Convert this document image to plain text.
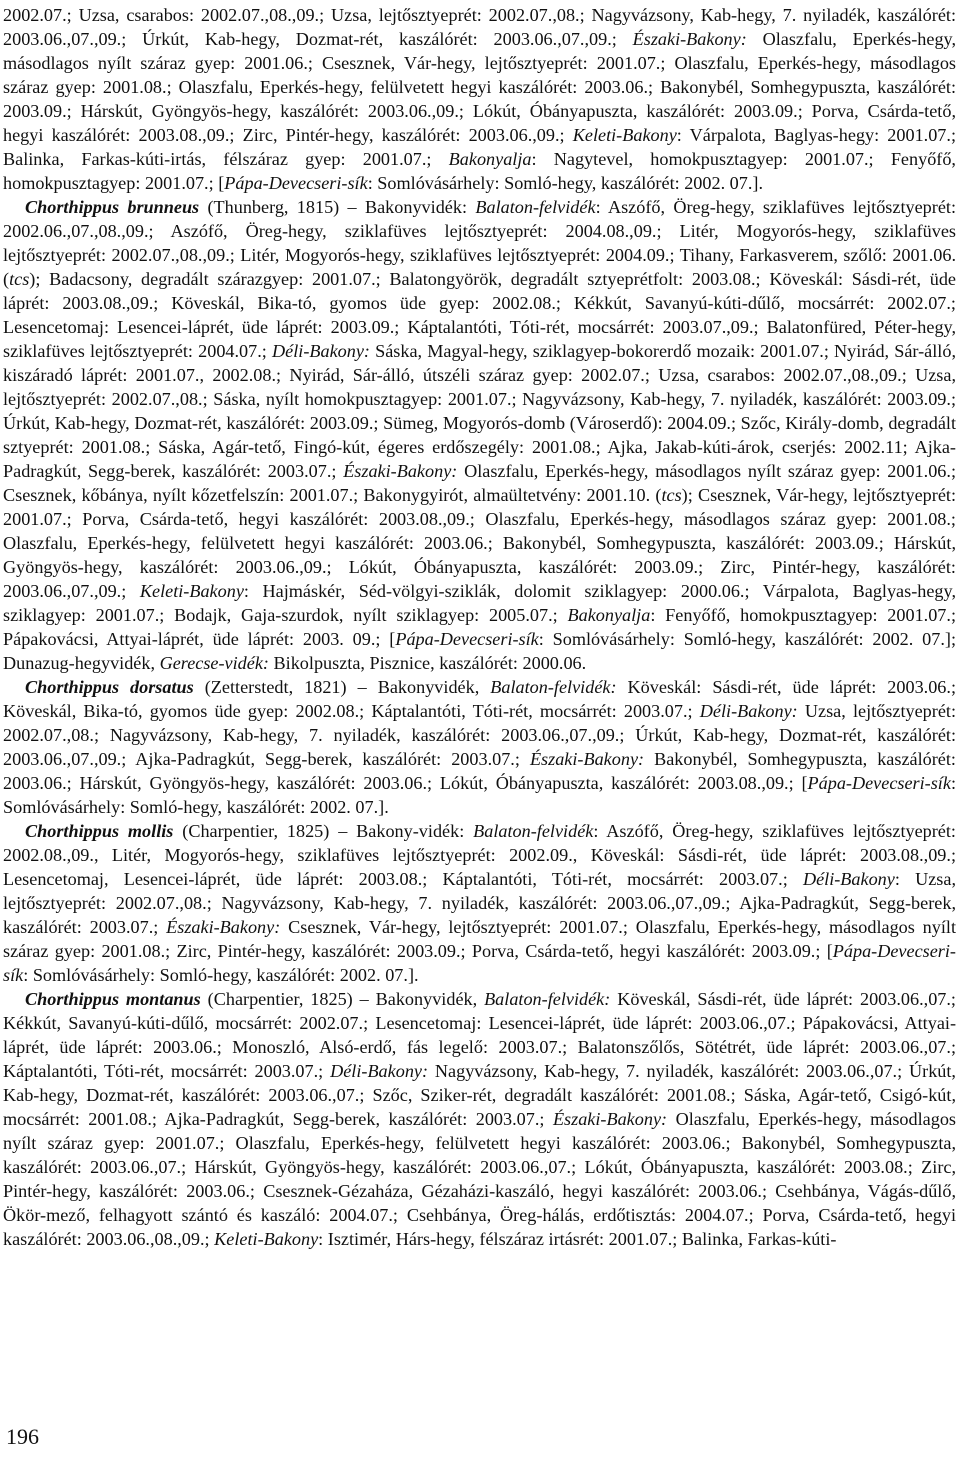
2002.07.; Uzsa, csarabos: 2002.07.,08.,09.; Uzsa, lejtősztyeprét: 2002.07.,08.; Nagyvázsony, Kab-hegy, 7. nyiladék, kaszálórét: 2003.06.,07.,09.; Úrkút, Kab-hegy, Dozmat-rét, kaszálórét: 2003.06.,07.,09.; Északi-Bakony: Olaszfalu, Eperkés-hegy, másodlagos nyílt száraz gyep: 2001.06.; Csesznek, Vár-hegy, lejtősztyeprét: 2001.07.; Olaszfalu, Eperkés-hegy, másodlagos száraz gyep: 2001.08.; Olaszfalu, Eperkés-hegy, felülvetett hegyi kaszálórét: 2003.06.; Bakonybél, Somhegypuszta, kaszálórét: 2003.09.; Hárskút, Gyöngyös-hegy, kaszálórét: 2003.06.,09.; Lókút, Óbányapuszta, kaszálórét: 2003.09.; Porva, Csárda-tető, hegyi kaszálórét: 2003.08.,09.; Zirc, Pintér-hegy, kaszálórét: 2003.06.,09.; Keleti-Bakony: Várpalota, Baglyas-hegy: 2001.07.; Balinka, Farkas-kúti-irtás, félszáraz gyep: 2001.07.; Bakonyalja: Nagytevel, homokpusztagyep: 2001.07.; Fenyőfő, homokpusztagyep: 2001.07.; [Pápa-Devecseri-sík: Somlóvásárhely: Somló-hegy, kaszálórét: 2002. 07.].

Chorthippus brunneus (Thunberg, 1815) – Bakonyvidék: Balaton-felvidék: Aszófő, Öreg-hegy, sziklafüves lejtősztyeprét: 2002.06.,07.,08.,09.; Aszófő, Öreg-hegy, sziklafüves lejtősztyeprét: 2004.08.,09.; Litér, Mogyorós-hegy, sziklafüves lejtősztyeprét: 2002.07.,08.,09.; Litér, Mogyorós-hegy, sziklafüves lejtősztyeprét: 2004.09.; Tihany, Farkasverem, szőlő: 2001.06. (tcs); Badacsony, degradált szárazgyep: 2001.07.; Balatongyörök, degradált sztyeprétfolt: 2003.08.; Köveskál: Sásdi-rét, üde láprét: 2003.08.,09.; Köveskál, Bika-tó, gyomos üde gyep: 2002.08.; Kékkút, Savanyú-kúti-dűlő, mocsárrét: 2002.07.; Lesencetomaj: Lesencei-láprét, üde láprét: 2003.09.; Káptalantóti, Tóti-rét, mocsárrét: 2003.07.,09.; Balatonfüred, Péter-hegy, sziklafüves lejtősztyeprét: 2004.07.; Déli-Bakony: Sáska, Magyal-hegy, sziklagyep-bokorerdő mozaik: 2001.07.; Nyirád, Sár-álló, kiszáradó láprét: 2001.07., 2002.08.; Nyirád, Sár-álló, útszéli száraz gyep: 2002.07.; Uzsa, csarabos: 2002.07.,08.,09.; Uzsa, lejtősztyeprét: 2002.07.,08.; Sáska, nyílt homokpusztagyep: 2001.07.; Nagyvázsony, Kab-hegy, 7. nyiladék, kaszálórét: 2003.09.; Úrkút, Kab-hegy, Dozmat-rét, kaszálórét: 2003.09.; Sümeg, Mogyorós-domb (Városerdő): 2004.09.; Szőc, Király-domb, degradált sztyeprét: 2001.08.; Sáska, Agár-tető, Fingó-kút, égeres erdőszegély: 2001.08.; Ajka, Jakab-kúti-árok, cserjés: 2002.11; Ajka-Padragkút, Segg-berek, kaszálórét: 2003.07.; Északi-Bakony: Olaszfalu, Eperkés-hegy, másodlagos nyílt száraz gyep: 2001.06.; Csesznek, kőbánya, nyílt kőzetfelszín: 2001.07.; Bakonygyirót, almaültetvény: 2001.10. (tcs); Csesznek, Vár-hegy, lejtősztyeprét: 2001.07.; Porva, Csárda-tető, hegyi kaszálórét: 2003.08.,09.; Olaszfalu, Eperkés-hegy, másodlagos száraz gyep: 2001.08.; Olaszfalu, Eperkés-hegy, felülvetett hegyi kaszálórét: 2003.06.; Bakonybél, Somhegypuszta, kaszálórét: 2003.09.; Hárskút, Gyöngyös-hegy, kaszálórét: 2003.06.,09.; Lókút, Óbányapuszta, kaszálórét: 2003.09.; Zirc, Pintér-hegy, kaszálórét: 2003.06.,07.,09.; Keleti-Bakony: Hajmáskér, Séd-völgyi-sziklák, dolomit sziklagyep: 2000.06.; Várpalota, Baglyas-hegy, sziklagyep: 2001.07.; Bodajk, Gaja-szurdok, nyílt sziklagyep: 2005.07.; Bakonyalja: Fenyőfő, homokpusztagyep: 2001.07.; Pápakovácsi, Attyai-láprét, üde láprét: 2003. 09.; [Pápa-Devecseri-sík: Somlóvásárhely: Somló-hegy, kaszálórét: 2002. 07.]; Dunazug-hegyvidék, Gerecse-vidék: Bikolpuszta, Pisznice, kaszálórét: 2000.06.

Chorthippus dorsatus (Zetterstedt, 1821) – Bakonyvidék, Balaton-felvidék: Köveskál: Sásdi-rét, üde láprét: 2003.06.; Köveskál, Bika-tó, gyomos üde gyep: 2002.08.; Káptalantóti, Tóti-rét, mocsárrét: 2003.07.; Déli-Bakony: Uzsa, lejtősztyeprét: 2002.07.,08.; Nagyvázsony, Kab-hegy, 7. nyiladék, kaszálórét: 2003.06.,07.,09.; Úrkút, Kab-hegy, Dozmat-rét, kaszálórét: 2003.06.,07.,09.; Ajka-Padragkút, Segg-berek, kaszálórét: 2003.07.; Északi-Bakony: Bakonybél, Somhegypuszta, kaszálórét: 2003.06.; Hárskút, Gyöngyös-hegy, kaszálórét: 2003.06.; Lókút, Óbányapuszta, kaszálórét: 2003.08.,09.; [Pápa-Devecseri-sík: Somlóvásárhely: Somló-hegy, kaszálórét: 2002. 07.].

Chorthippus mollis (Charpentier, 1825) – Bakony-vidék: Balaton-felvidék: Aszófő, Öreg-hegy, sziklafüves lejtősztyeprét: 2002.08.,09., Litér, Mogyorós-hegy, sziklafüves lejtősztyeprét: 2002.09., Köveskál: Sásdi-rét, üde láprét: 2003.08.,09.; Lesencetomaj, Lesencei-láprét, üde láprét: 2003.08.; Káptalantóti, Tóti-rét, mocsárrét: 2003.07.; Déli-Bakony: Uzsa, lejtősztyeprét: 2002.07.,08.; Nagyvázsony, Kab-hegy, 7. nyiladék, kaszálórét: 2003.06.,07.,09.; Ajka-Padragkút, Segg-berek, kaszálórét: 2003.07.; Északi-Bakony: Csesznek, Vár-hegy, lejtősztyeprét: 2001.07.; Olaszfalu, Eperkés-hegy, másodlagos nyílt száraz gyep: 2001.08.; Zirc, Pintér-hegy, kaszálórét: 2003.09.; Porva, Csárda-tető, hegyi kaszálórét: 2003.09.; [Pápa-Devecseri-sík: Somlóvásárhely: Somló-hegy, kaszálórét: 2002. 07.].

Chorthippus montanus (Charpentier, 1825) – Bakonyvidék, Balaton-felvidék: Köveskál, Sásdi-rét, üde láprét: 2003.06.,07.; Kékkút, Savanyú-kúti-dűlő, mocsárrét: 2002.07.; Lesencetomaj: Lesencei-láprét, üde láprét: 2003.06.,07.; Pápakovácsi, Attyai-láprét, üde láprét: 2003.06.; Monoszló, Alsó-erdő, fás legelő: 2003.07.; Balatonszőlős, Sötétrét, üde láprét: 2003.06.,07.; Káptalantóti, Tóti-rét, mocsárrét: 2003.07.; Déli-Bakony: Nagyvázsony, Kab-hegy, 7. nyiladék, kaszálórét: 2003.06.,07.; Úrkút, Kab-hegy, Dozmat-rét, kaszálórét: 2003.06.,07.; Szőc, Sziker-rét, degradált kaszálórét: 2001.08.; Sáska, Agár-tető, Csigó-kút, mocsárrét: 2001.08.; Ajka-Padragkút, Segg-berek, kaszálórét: 2003.07.; Északi-Bakony: Olaszfalu, Eperkés-hegy, másodlagos nyílt száraz gyep: 2001.07.; Olaszfalu, Eperkés-hegy, felülvetett hegyi kaszálórét: 2003.06.; Bakonybél, Somhegypuszta, kaszálórét: 2003.06.,07.; Hárskút, Gyöngyös-hegy, kaszálórét: 2003.06.,07.; Lókút, Óbányapuszta, kaszálórét: 2003.08.; Zirc, Pintér-hegy, kaszálórét: 2003.06.; Csesznek-Gézaháza, Gézaházi-kaszáló, hegyi kaszálórét: 2003.06.; Csehbánya, Vágás-dűlő, Ökör-mező, felhagyott szántó és kaszáló: 2004.07.; Csehbánya, Öreg-hálás, erdőtisztás: 2004.07.; Porva, Csárda-tető, hegyi kaszálórét: 2003.06.,08.,09.; Keleti-Bakony: Isztimér, Hárs-hegy, félszáraz irtásrét: 2001.07.; Balinka, Farkas-kúti-

196
